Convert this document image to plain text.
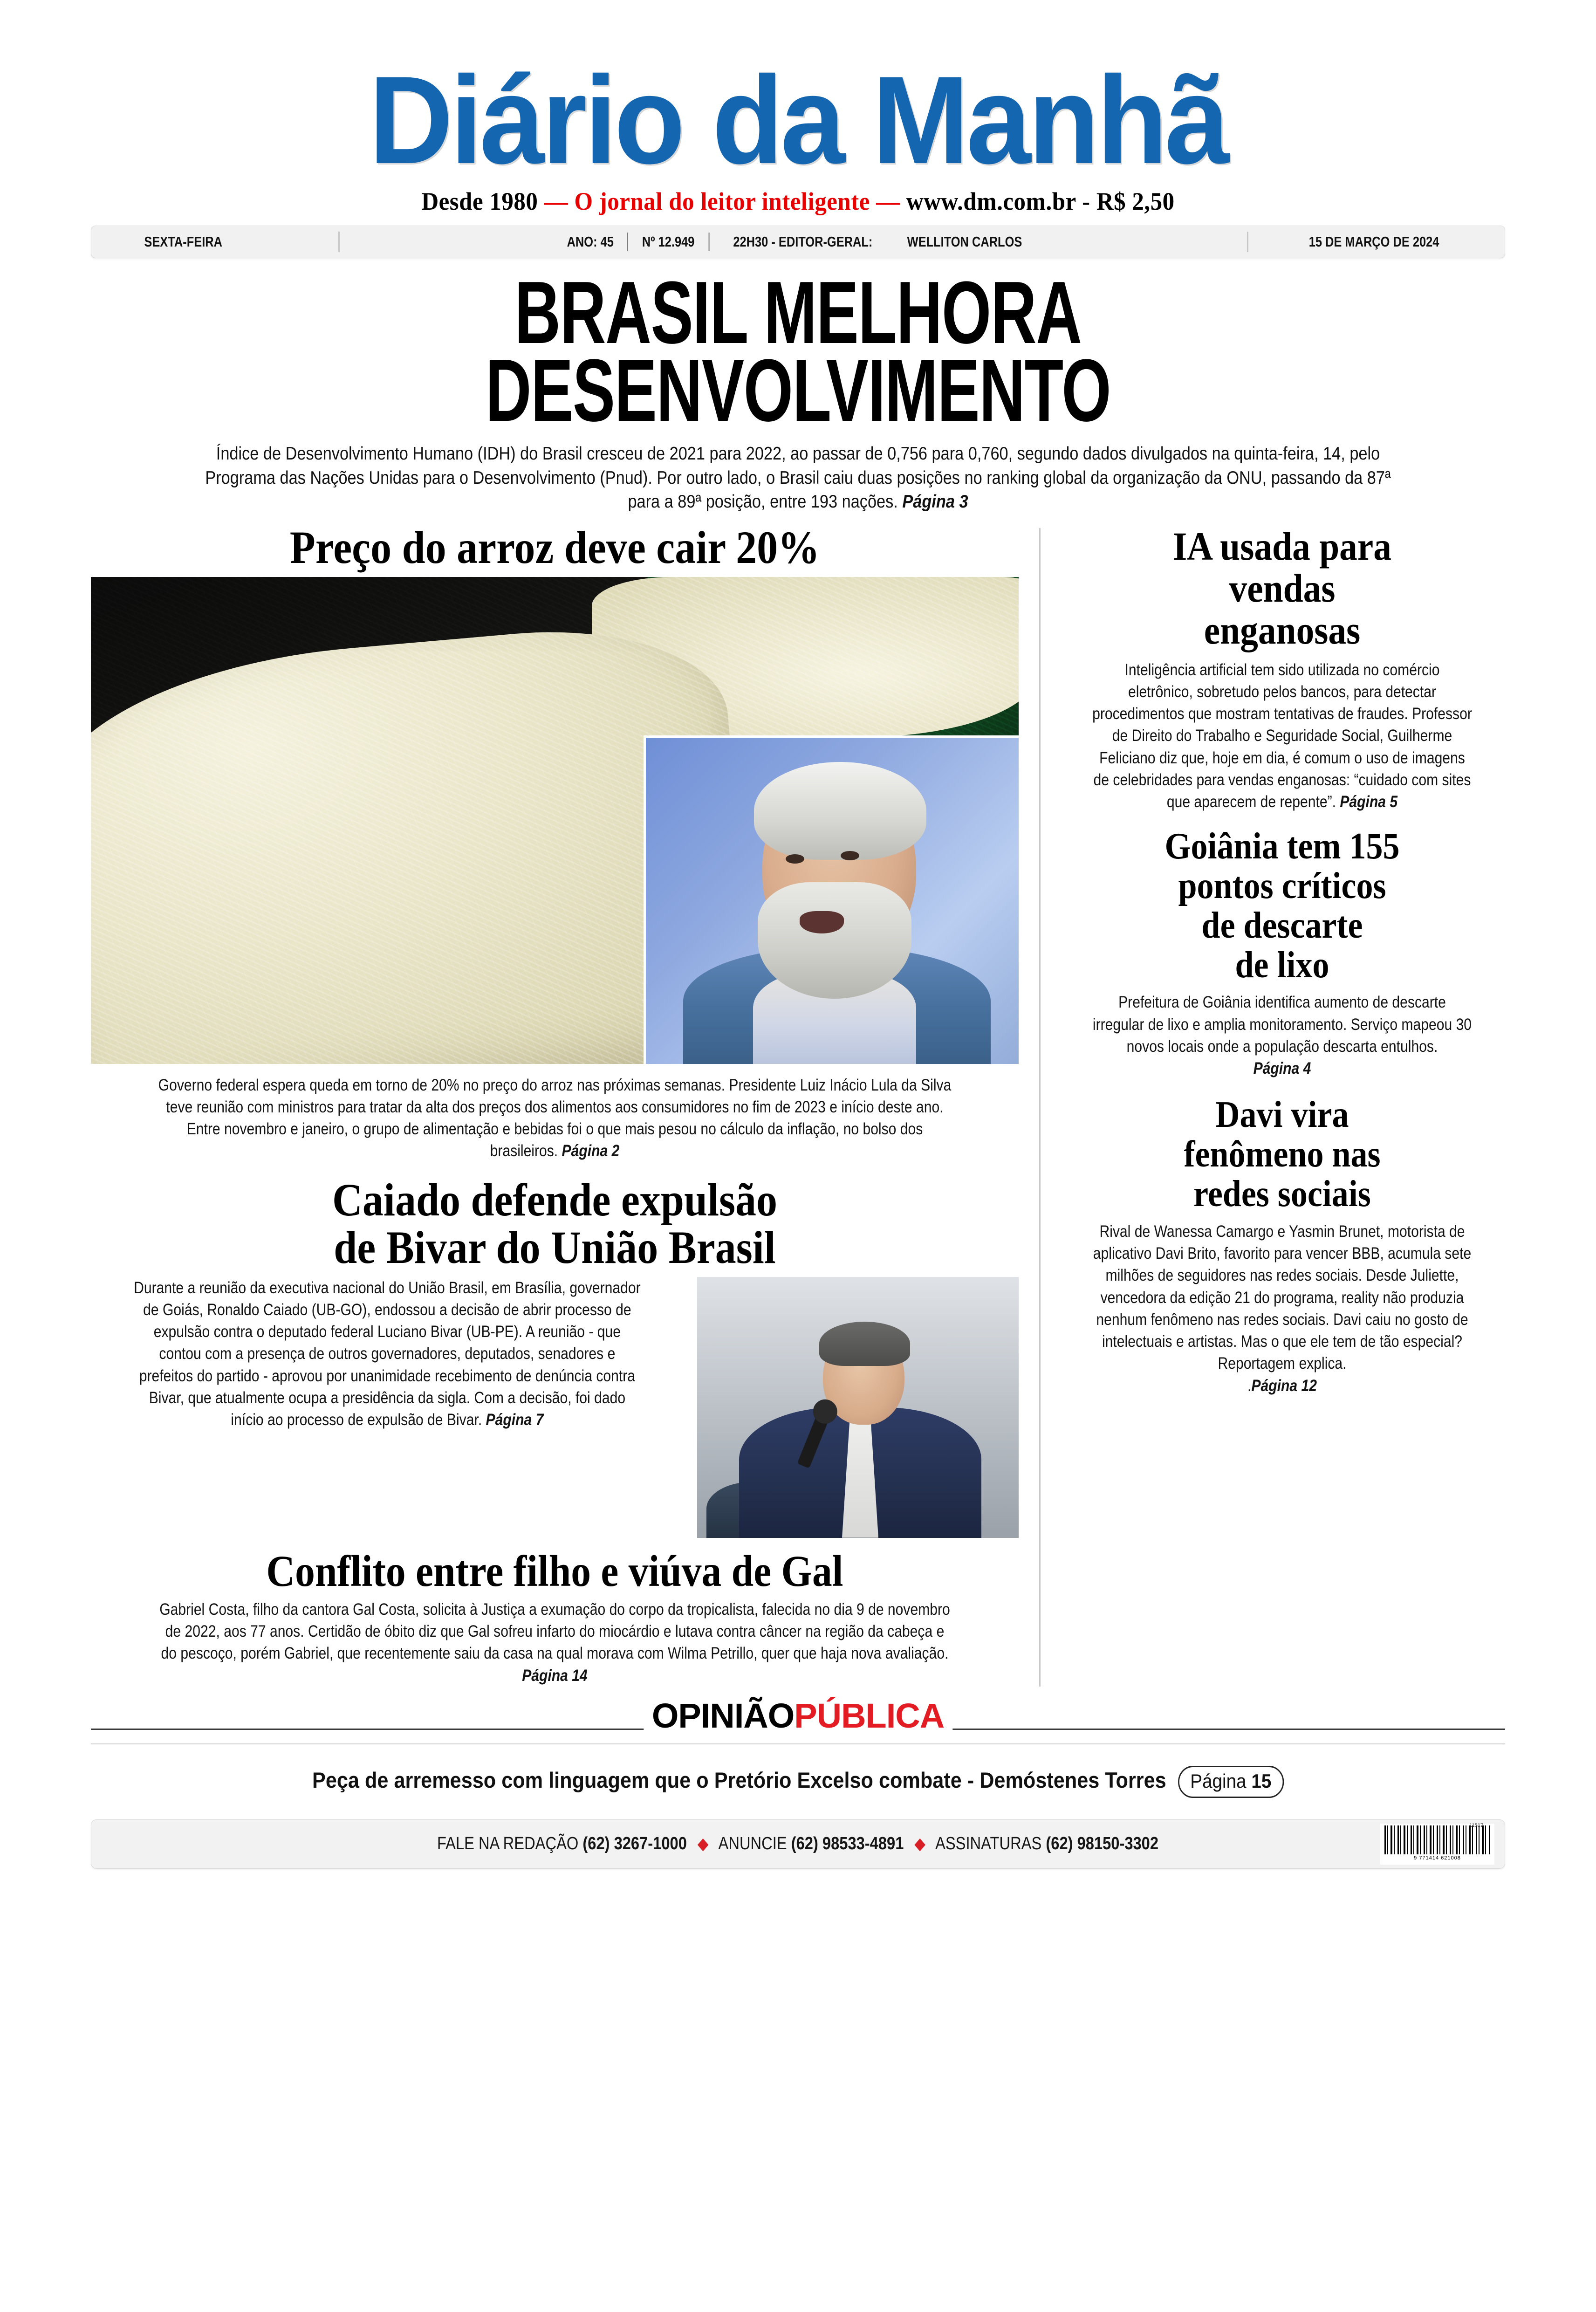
Diário da Manhã
Desde 1980 — O jornal do leitor inteligente — www.dm.com.br - R$ 2,50
SEXTA-FEIRA	ANO: 45 Nº 12.949	22H30 - EDITOR-GERAL: WELLITON CARLOS	15 DE MARÇO DE 2024
BRASIL MELHORA
DESENVOLVIMENTO
Índice de Desenvolvimento Humano (IDH) do Brasil cresceu de 2021 para 2022, ao passar de 0,756 para 0,760, segundo dados divulgados na quinta-feira, 14, pelo Programa das Nações Unidas para o Desenvolvimento (Pnud). Por outro lado, o Brasil caiu duas posições no ranking global da organização da ONU, passando da 87ª para a 89ª posição, entre 193 nações. Página 3
Preço do arroz deve cair 20%
Governo federal espera queda em torno de 20% no preço do arroz nas próximas semanas. Presidente Luiz Inácio Lula da Silva teve reunião com ministros para tratar da alta dos preços dos alimentos aos consumidores no fim de 2023 e início deste ano. Entre novembro e janeiro, o grupo de alimentação e bebidas foi o que mais pesou no cálculo da inflação, no bolso dos brasileiros. Página 2
Caiado defende expulsão
de Bivar do União Brasil
Durante a reunião da executiva nacional do União Brasil, em Brasília, governador de Goiás, Ronaldo Caiado (UB-GO), endossou a decisão de abrir processo de expulsão contra o deputado federal Luciano Bivar (UB-PE). A reunião - que contou com a presença de outros governadores, deputados, senadores e prefeitos do partido - aprovou por unanimidade recebimento de denúncia contra Bivar, que atualmente ocupa a presidência da sigla. Com a decisão, foi dado início ao processo de expulsão de Bivar. Página 7
Conflito entre filho e viúva de Gal
Gabriel Costa, filho da cantora Gal Costa, solicita à Justiça a exumação do corpo da tropicalista, falecida no dia 9 de novembro de 2022, aos 77 anos. Certidão de óbito diz que Gal sofreu infarto do miocárdio e lutava contra câncer na região da cabeça e do pescoço, porém Gabriel, que recentemente saiu da casa na qual morava com Wilma Petrillo, quer que haja nova avaliação. Página 14
IA usada para
vendas
enganosas
Inteligência artificial tem sido utilizada no comércio eletrônico, sobretudo pelos bancos, para detectar procedimentos que mostram tentativas de fraudes. Professor de Direito do Trabalho e Seguridade Social, Guilherme Feliciano diz que, hoje em dia, é comum o uso de imagens de celebridades para vendas enganosas: “cuidado com sites que aparecem de repente”. Página 5
Goiânia tem 155
pontos críticos
de descarte
de lixo
Prefeitura de Goiânia identifica aumento de descarte irregular de lixo e amplia monitoramento. Serviço mapeou 30 novos locais onde a população descarta entulhos.
Página 4
Davi vira
fenômeno nas
redes sociais
Rival de Wanessa Camargo e Yasmin Brunet, motorista de aplicativo Davi Brito, favorito para vencer BBB, acumula sete milhões de seguidores nas redes sociais. Desde Juliette, vencedora da edição 21 do programa, reality não produzia nenhum fenômeno nas redes sociais. Davi caiu no gosto de intelectuais e artistas. Mas o que ele tem de tão especial? Reportagem explica.
.Página 12
OPINIÃOPÚBLICA
Peça de arremesso com linguagem que o Pretório Excelso combate - Demóstenes Torres Página 15
FALE NA REDAÇÃO (62) 3267-1000 ◆ ANUNCIE (62) 98533-4891 ◆ ASSINATURAS (62) 98150-3302
11517
9 771414 621008
